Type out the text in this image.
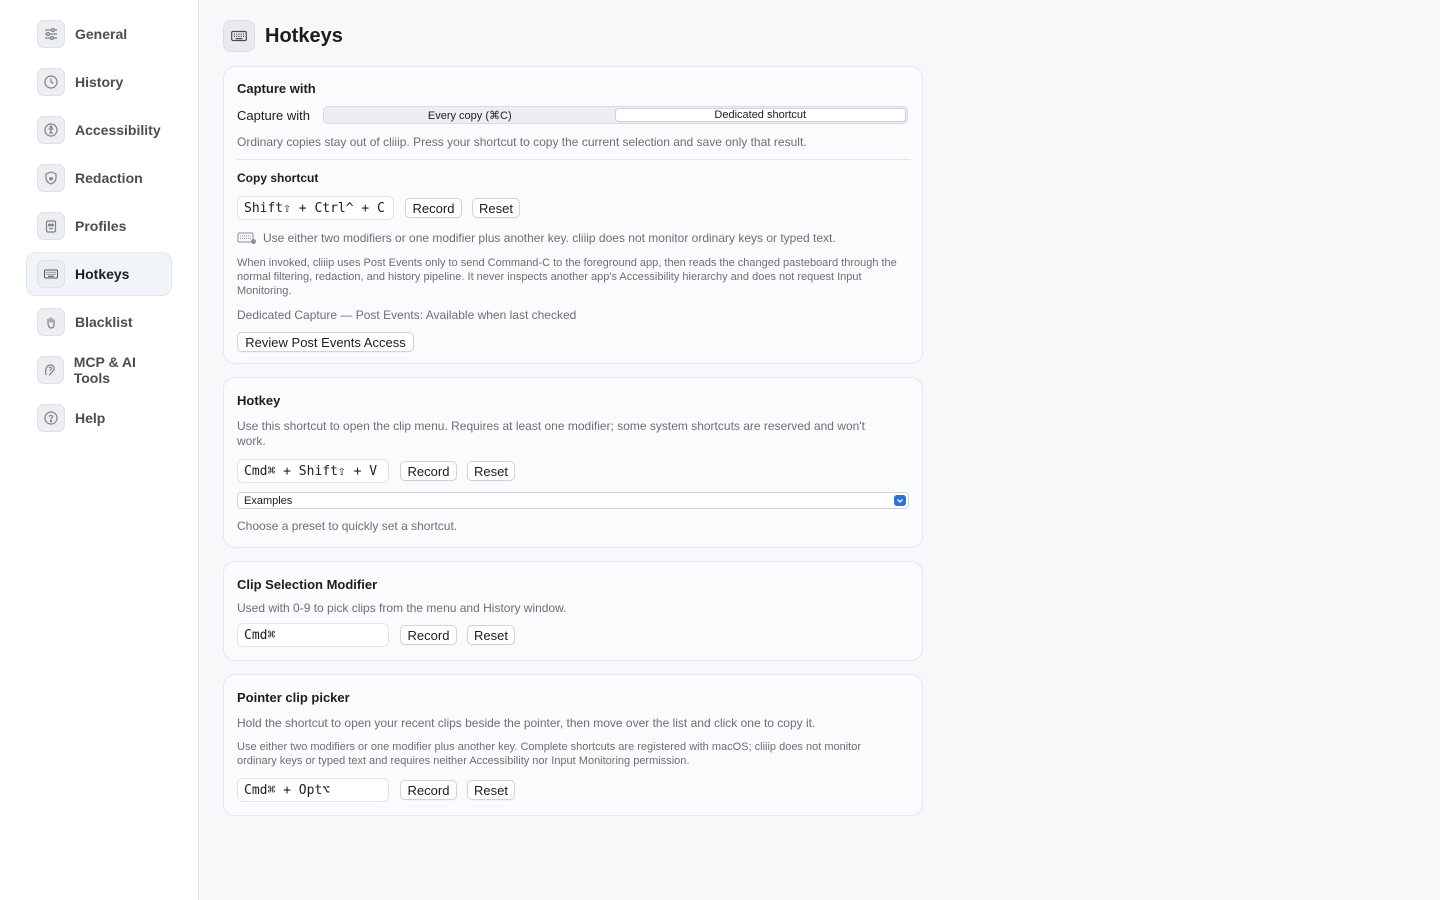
General
History
Accessibility
Redaction
Profiles
Hotkeys
Blacklist
MCP & AI Tools
Help
Hotkeys
Capture with
Capture with	Every copy (⌘C)	Dedicated shortcut
Ordinary copies stay out of cliiip. Press your shortcut to copy the current selection and save only that result.
Copy shortcut
Shift⇧ + Ctrl^ + C	Record	Reset
Use either two modifiers or one modifier plus another key. cliiip does not monitor ordinary keys or typed text.
When invoked, cliiip uses Post Events only to send Command-C to the foreground app, then reads the changed pasteboard through the normal filtering, redaction, and history pipeline. It never inspects another app's Accessibility hierarchy and does not request Input Monitoring.
Dedicated Capture — Post Events: Available when last checked
Review Post Events Access
Hotkey
Use this shortcut to open the clip menu. Requires at least one modifier; some system shortcuts are reserved and won't work.
Cmd⌘ + Shift⇧ + V	Record	Reset
Examples
Choose a preset to quickly set a shortcut.
Clip Selection Modifier
Used with 0-9 to pick clips from the menu and History window.
Cmd⌘	Record	Reset
Pointer clip picker
Hold the shortcut to open your recent clips beside the pointer, then move over the list and click one to copy it.
Use either two modifiers or one modifier plus another key. Complete shortcuts are registered with macOS; cliiip does not monitor ordinary keys or typed text and requires neither Accessibility nor Input Monitoring permission.
Cmd⌘ + Opt⌥	Record	Reset
